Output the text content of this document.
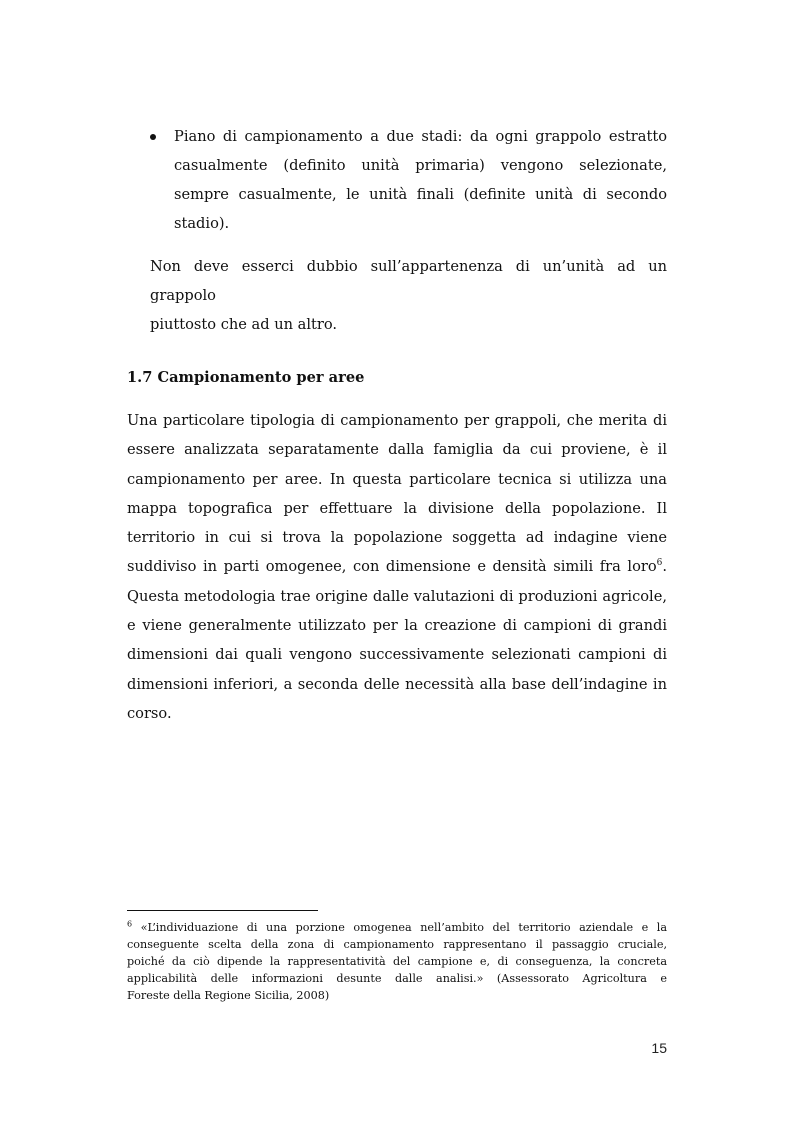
Piano di campionamento a due stadi: da ogni grappolo estratto

casualmente (definito unità primaria) vengono selezionate,

sempre casualmente, le unità finali (definite unità di secondo

stadio).

Non deve esserci dubbio sull’appartenenza di un’unità ad un grappolo

piuttosto che ad un altro.

1.7 Campionamento per aree

Una particolare tipologia di campionamento per grappoli, che merita di

essere analizzata separatamente dalla famiglia da cui proviene, è il

campionamento per aree. In questa particolare tecnica si utilizza una

mappa topografica per effettuare la divisione della popolazione. Il

territorio in cui si trova la popolazione soggetta ad indagine viene

suddiviso in parti omogenee, con dimensione e densità simili fra loro$^6$.

Questa metodologia trae origine dalle valutazioni di produzioni agricole,

e viene generalmente utilizzato per la creazione di campioni di grandi

dimensioni dai quali vengono successivamente selezionati campioni di

dimensioni inferiori, a seconda delle necessità alla base dell’indagine in

corso.

$^6$ «L’individuazione di una porzione omogenea nell’ambito del territorio aziendale e la

conseguente scelta della zona di campionamento rappresentano il passaggio cruciale,

poiché da ciò dipende la rappresentatività del campione e, di conseguenza, la concreta

applicabilità delle informazioni desunte dalle analisi.» (Assessorato Agricoltura e

Foreste della Regione Sicilia, 2008)

15
